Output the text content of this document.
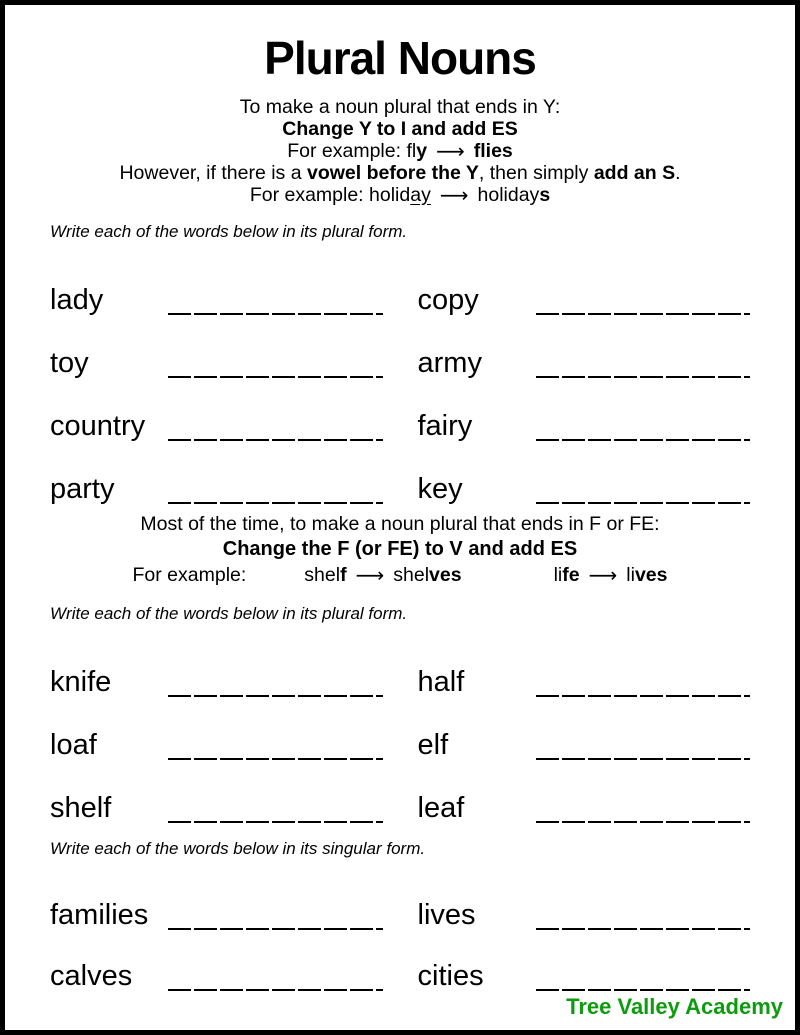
Plural Nouns
To make a noun plural that ends in Y:
Change Y to I and add ES
For example: fly ⟶ flies
However, if there is a vowel before the Y, then simply add an S.
For example: holiday ⟶ holidays
Write each of the words below in its plural form.
lady	copy
toy	army
country	fairy
party	key
Most of the time, to make a noun plural that ends in F or FE:
Change the F (or FE) to V and add ES
For example:	shelf ⟶ shelves	life ⟶ lives
Write each of the words below in its plural form.
knife	half
loaf	elf
shelf	leaf
Write each of the words below in its singular form.
families	lives
calves	cities
Tree Valley Academy
